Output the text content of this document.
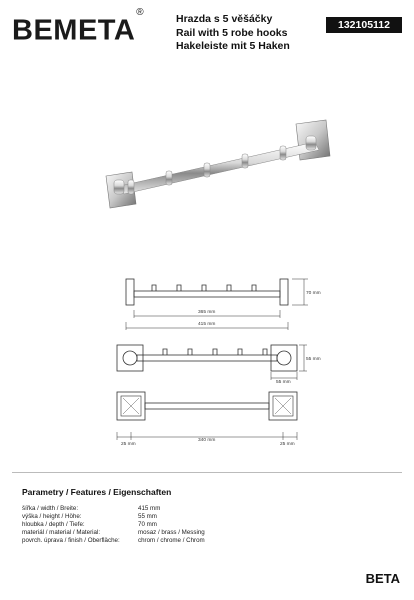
BEMETA®
Hrazda s 5 věšáčky
Rail with 5 robe hooks
Hakeleiste mit 5 Haken
132105112
70 mm
365 mm
415 mm
55 mm
55 mm
25 mm
340 mm
25 mm
Parametry / Features / Eigenschaften
šířka / width / Breite:	415 mm
výška / height / Höhe:	55 mm
hloubka / depth / Tiefe:	70 mm
materiál / material / Material:	mosaz / brass / Messing
povrch. úprava / finish / Oberfläche:	chrom / chrome / Chrom
BETA
